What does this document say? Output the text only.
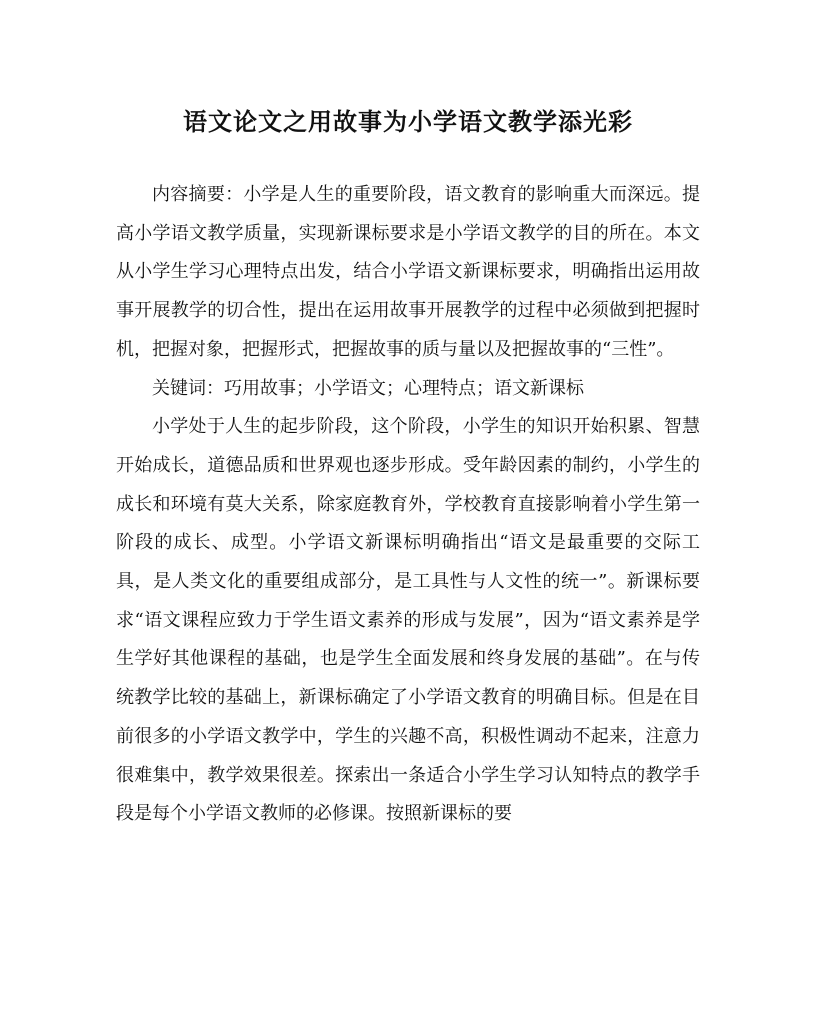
语文论文之用故事为小学语文教学添光彩

内容摘要：小学是人生的重要阶段，语文教育的影响重大而深远。提高小学语文教学质量，实现新课标要求是小学语文教学的目的所在。本文从小学生学习心理特点出发，结合小学语文新课标要求，明确指出运用故事开展教学的切合性，提出在运用故事开展教学的过程中必须做到把握时机，把握对象，把握形式，把握故事的质与量以及把握故事的“三性”。

关键词：巧用故事；小学语文；心理特点；语文新课标

小学处于人生的起步阶段，这个阶段，小学生的知识开始积累、智慧开始成长，道德品质和世界观也逐步形成。受年龄因素的制约，小学生的成长和环境有莫大关系，除家庭教育外，学校教育直接影响着小学生第一阶段的成长、成型。小学语文新课标明确指出“语文是最重要的交际工具，是人类文化的重要组成部分，是工具性与人文性的统一”。新课标要求“语文课程应致力于学生语文素养的形成与发展”，因为“语文素养是学生学好其他课程的基础，也是学生全面发展和终身发展的基础”。在与传统教学比较的基础上，新课标确定了小学语文教育的明确目标。但是在目前很多的小学语文教学中，学生的兴趣不高，积极性调动不起来，注意力很难集中，教学效果很差。探索出一条适合小学生学习认知特点的教学手段是每个小学语文教师的必修课。按照新课标的要
